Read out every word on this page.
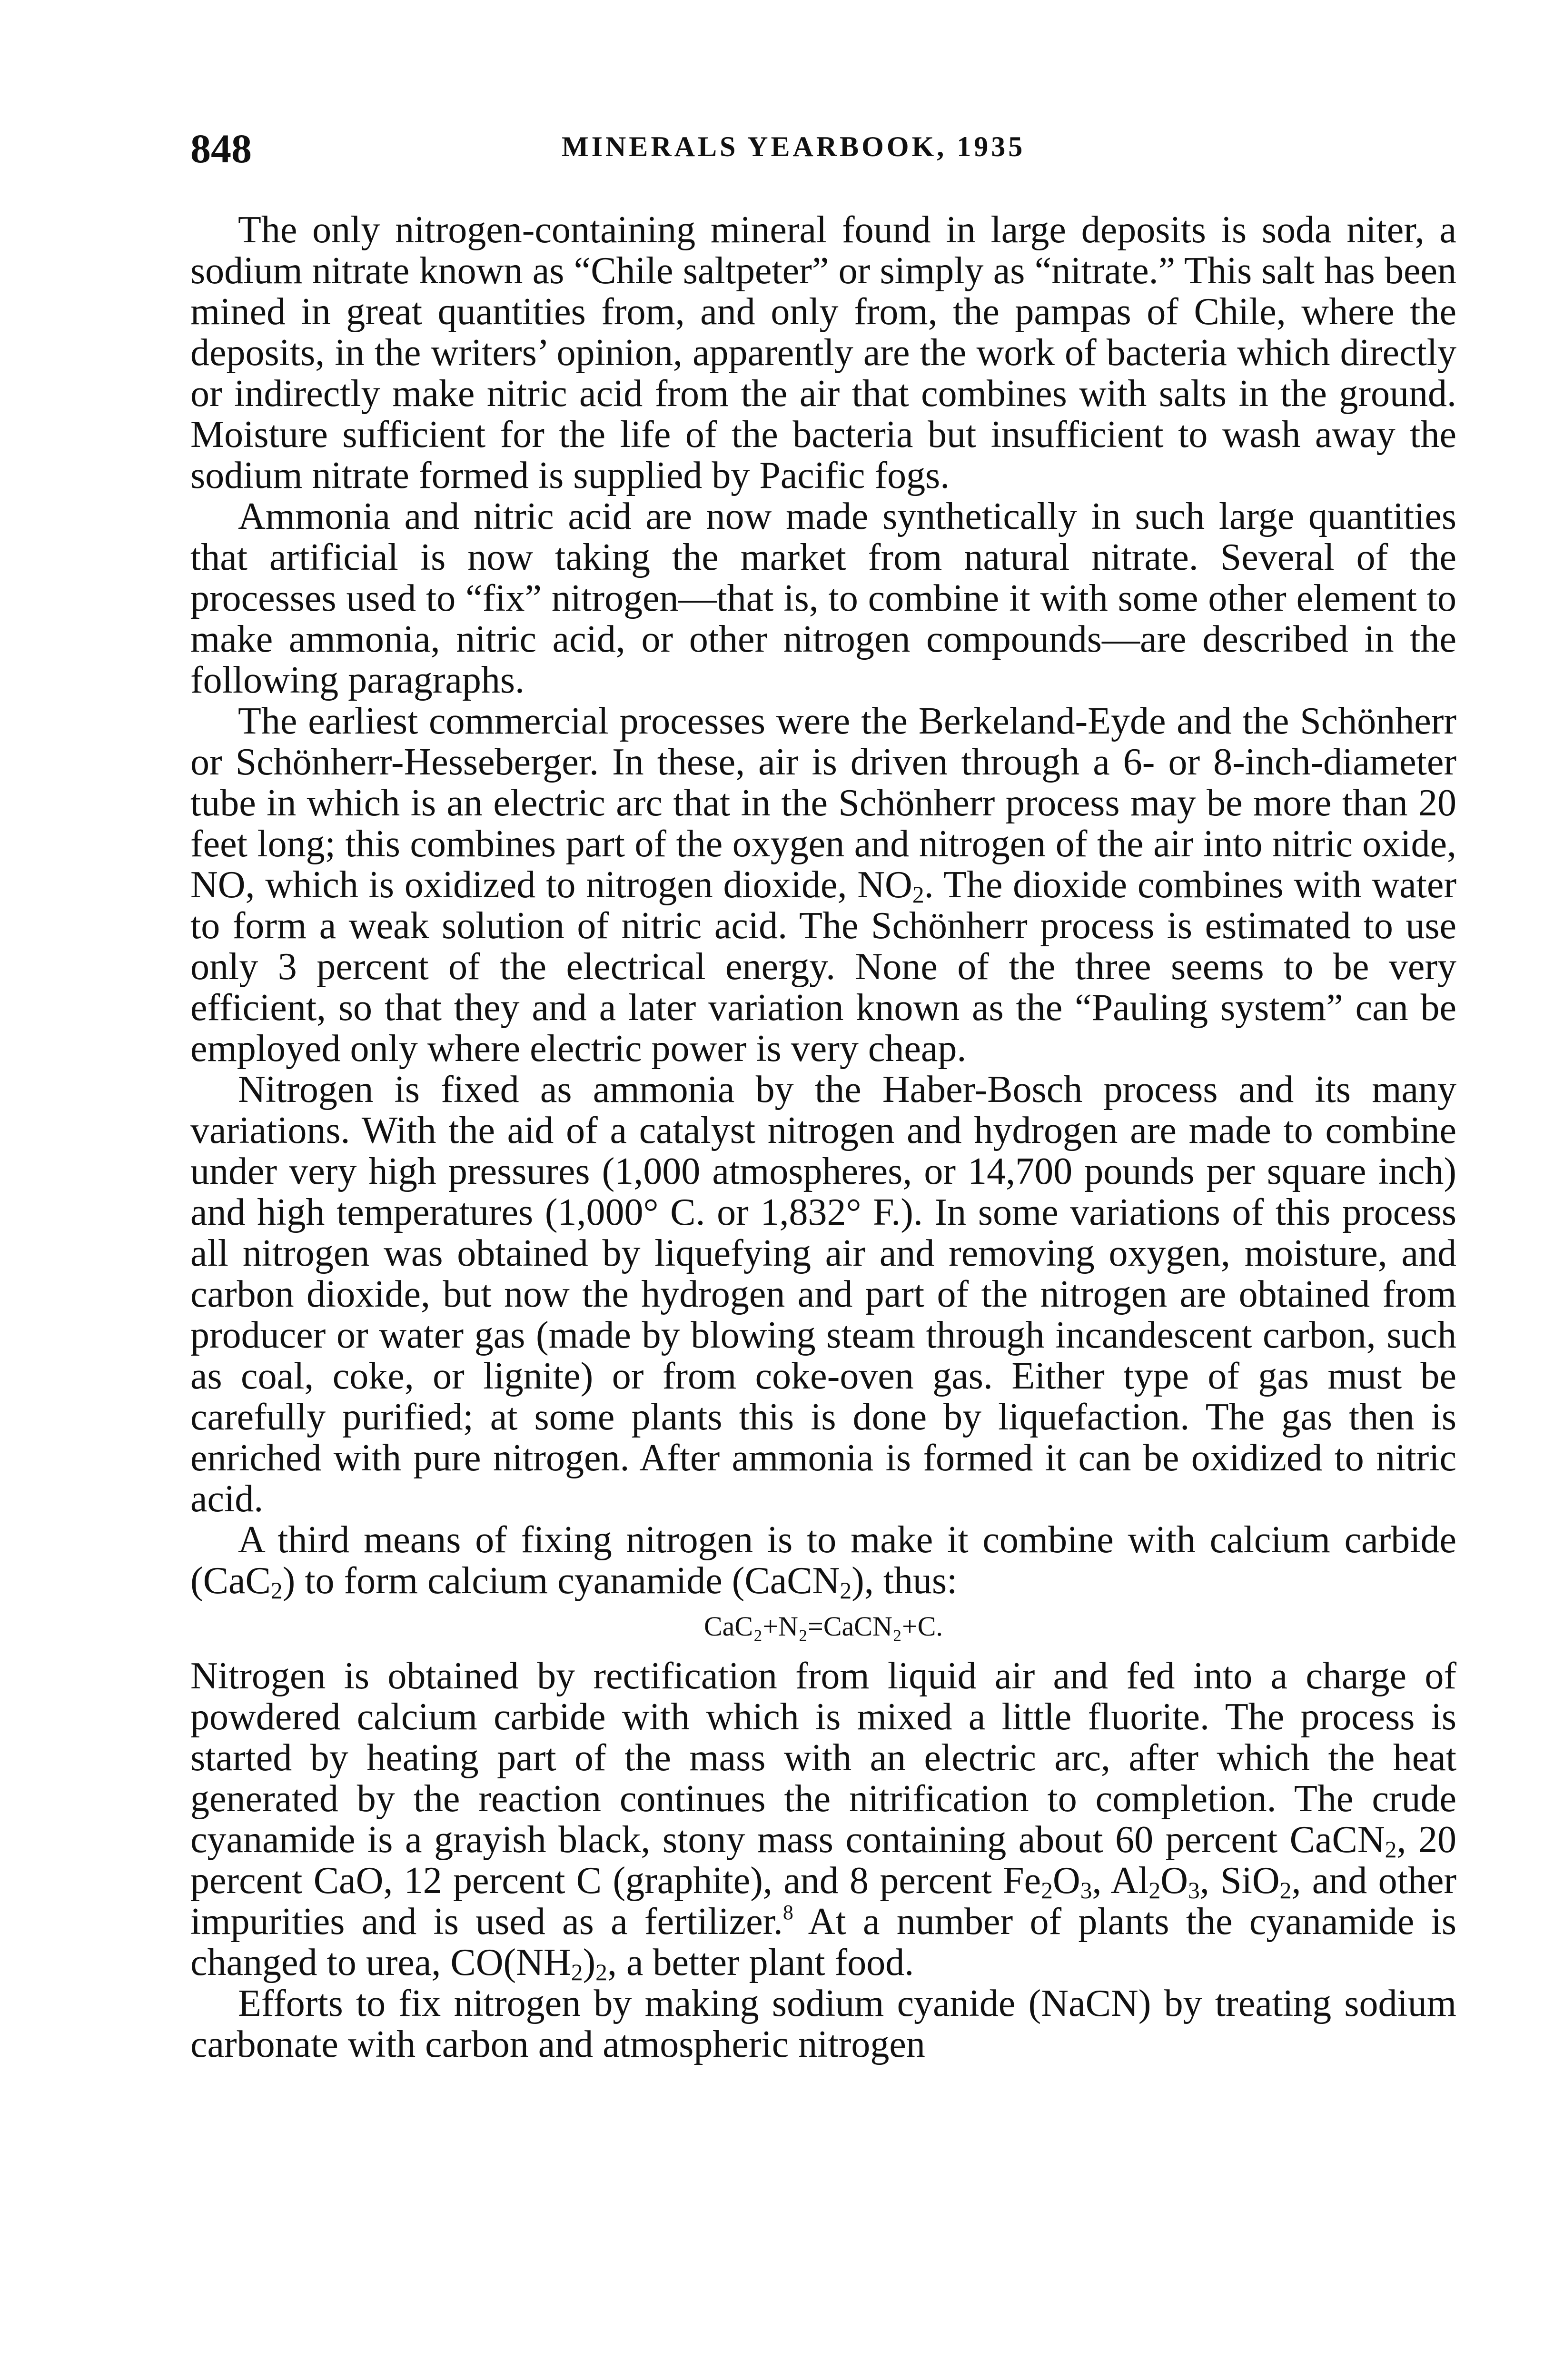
848	MINERALS YEARBOOK, 1935

The only nitrogen-containing mineral found in large deposits is soda niter, a sodium nitrate known as “Chile saltpeter” or simply as “nitrate.” This salt has been mined in great quantities from, and only from, the pampas of Chile, where the deposits, in the writers’ opinion, apparently are the work of bacteria which directly or indirectly make nitric acid from the air that combines with salts in the ground. Moisture sufficient for the life of the bacteria but insufficient to wash away the sodium nitrate formed is supplied by Pacific fogs.

Ammonia and nitric acid are now made synthetically in such large quantities that artificial is now taking the market from natural nitrate. Several of the processes used to “fix” nitrogen—that is, to combine it with some other element to make ammonia, nitric acid, or other nitrogen compounds—are described in the following paragraphs.

The earliest commercial processes were the Berkeland-Eyde and the Schönherr or Schönherr-Hesseberger. In these, air is driven through a 6- or 8-inch-diameter tube in which is an electric arc that in the Schönherr process may be more than 20 feet long; this combines part of the oxygen and nitrogen of the air into nitric oxide, NO, which is oxidized to nitrogen dioxide, $NO_2$. The dioxide combines with water to form a weak solution of nitric acid. The Schönherr process is estimated to use only 3 percent of the electrical energy. None of the three seems to be very efficient, so that they and a later variation known as the “Pauling system” can be employed only where electric power is very cheap.

Nitrogen is fixed as ammonia by the Haber-Bosch process and its many variations. With the aid of a catalyst nitrogen and hydrogen are made to combine under very high pressures (1,000 atmospheres, or 14,700 pounds per square inch) and high temperatures (1,000° C. or 1,832° F.). In some variations of this process all nitrogen was obtained by liquefying air and removing oxygen, moisture, and carbon dioxide, but now the hydrogen and part of the nitrogen are obtained from producer or water gas (made by blowing steam through incandescent carbon, such as coal, coke, or lignite) or from coke-oven gas. Either type of gas must be carefully purified; at some plants this is done by liquefaction. The gas then is enriched with pure nitrogen. After ammonia is formed it can be oxidized to nitric acid.

A third means of fixing nitrogen is to make it combine with calcium carbide (CaC$_2$) to form calcium cyanamide (CaCN$_2$), thus:

CaC₂+N₂=CaCN₂+C.

Nitrogen is obtained by rectification from liquid air and fed into a charge of powdered calcium carbide with which is mixed a little fluorite. The process is started by heating part of the mass with an electric arc, after which the heat generated by the reaction continues the nitrification to completion. The crude cyanamide is a grayish black, stony mass containing about 60 percent CaCN$_2$, 20 percent CaO, 12 percent C (graphite), and 8 percent $Fe_2O_3$, $Al_2O_3$, SiO$_2$, and other impurities and is used as a fertilizer.$^8$ At a number of plants the cyanamide is changed to urea, $CO(NH_2)_2$, a better plant food.

Efforts to fix nitrogen by making sodium cyanide (NaCN) by treating sodium carbonate with carbon and atmospheric nitrogen
